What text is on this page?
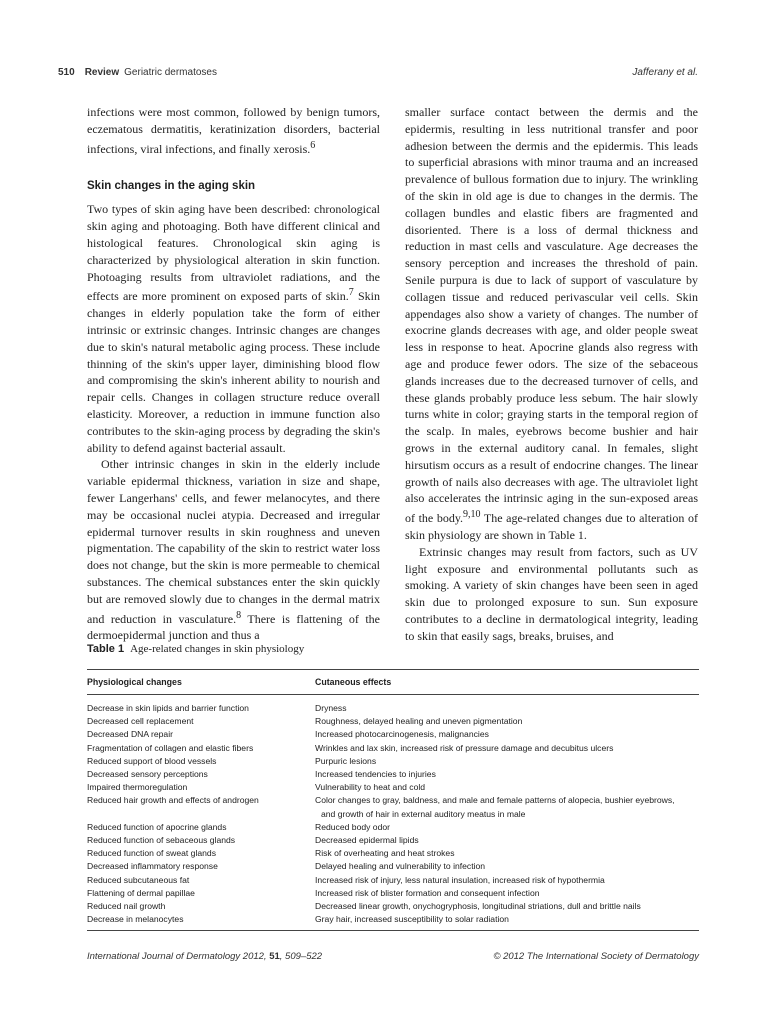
510 Review Geriatric dermatoses	Jafferany et al.

infections were most common, followed by benign tumors, eczematous dermatitis, keratinization disorders, bacterial infections, viral infections, and finally xerosis.$^6$

Skin changes in the aging skin

Two types of skin aging have been described: chronological skin aging and photoaging. Both have different clinical and histological features. Chronological skin aging is characterized by physiological alteration in skin function. Photoaging results from ultraviolet radiations, and the effects are more prominent on exposed parts of skin.$^7$ Skin changes in elderly population take the form of either intrinsic or extrinsic changes. Intrinsic changes are changes due to skin's natural metabolic aging process. These include thinning of the skin's upper layer, diminishing blood flow and compromising the skin's inherent ability to nourish and repair cells. Changes in collagen structure reduce overall elasticity. Moreover, a reduction in immune function also contributes to the skin-aging process by degrading the skin's ability to defend against bacterial assault.

Other intrinsic changes in skin in the elderly include variable epidermal thickness, variation in size and shape, fewer Langerhans' cells, and fewer melanocytes, and there may be occasional nuclei atypia. Decreased and irregular epidermal turnover results in skin roughness and uneven pigmentation. The capability of the skin to restrict water loss does not change, but the skin is more permeable to chemical substances. The chemical substances enter the skin quickly but are removed slowly due to changes in the dermal matrix and reduction in vasculature.$^8$ There is flattening of the dermoepidermal junction and thus a

smaller surface contact between the dermis and the epidermis, resulting in less nutritional transfer and poor adhesion between the dermis and the epidermis. This leads to superficial abrasions with minor trauma and an increased prevalence of bullous formation due to injury. The wrinkling of the skin in old age is due to changes in the dermis. The collagen bundles and elastic fibers are fragmented and disoriented. There is a loss of dermal thickness and reduction in mast cells and vasculature. Age decreases the sensory perception and increases the threshold of pain. Senile purpura is due to lack of support of vasculature by collagen tissue and reduced perivascular veil cells. Skin appendages also show a variety of changes. The number of exocrine glands decreases with age, and older people sweat less in response to heat. Apocrine glands also regress with age and produce fewer odors. The size of the sebaceous glands increases due to the decreased turnover of cells, and these glands probably produce less sebum. The hair slowly turns white in color; graying starts in the temporal region of the scalp. In males, eyebrows become bushier and hair grows in the external auditory canal. In females, slight hirsutism occurs as a result of endocrine changes. The linear growth of nails also decreases with age. The ultraviolet light also accelerates the intrinsic aging in the sun-exposed areas of the body.$^{9,10}$ The age-related changes due to alteration of skin physiology are shown in Table 1.

Extrinsic changes may result from factors, such as UV light exposure and environmental pollutants such as smoking. A variety of skin changes have been seen in aged skin due to prolonged exposure to sun. Sun exposure contributes to a decline in dermatological integrity, leading to skin that easily sags, breaks, bruises, and

Table 1 Age-related changes in skin physiology
Physiological changes	Cutaneous effects
Decrease in skin lipids and barrier function	Dryness
Decreased cell replacement	Roughness, delayed healing and uneven pigmentation
Decreased DNA repair	Increased photocarcinogenesis, malignancies
Fragmentation of collagen and elastic fibers	Wrinkles and lax skin, increased risk of pressure damage and decubitus ulcers
Reduced support of blood vessels	Purpuric lesions
Decreased sensory perceptions	Increased tendencies to injuries
Impaired thermoregulation	Vulnerability to heat and cold
Reduced hair growth and effects of androgen	Color changes to gray, baldness, and male and female patterns of alopecia, bushier eyebrows,
and growth of hair in external auditory meatus in male
Reduced function of apocrine glands	Reduced body odor
Reduced function of sebaceous glands	Decreased epidermal lipids
Reduced function of sweat glands	Risk of overheating and heat strokes
Decreased inflammatory response	Delayed healing and vulnerability to infection
Reduced subcutaneous fat	Increased risk of injury, less natural insulation, increased risk of hypothermia
Flattening of dermal papillae	Increased risk of blister formation and consequent infection
Reduced nail growth	Decreased linear growth, onychogryphosis, longitudinal striations, dull and brittle nails
Decrease in melanocytes	Gray hair, increased susceptibility to solar radiation
International Journal of Dermatology 2012, 51, 509–522	© 2012 The International Society of Dermatology
